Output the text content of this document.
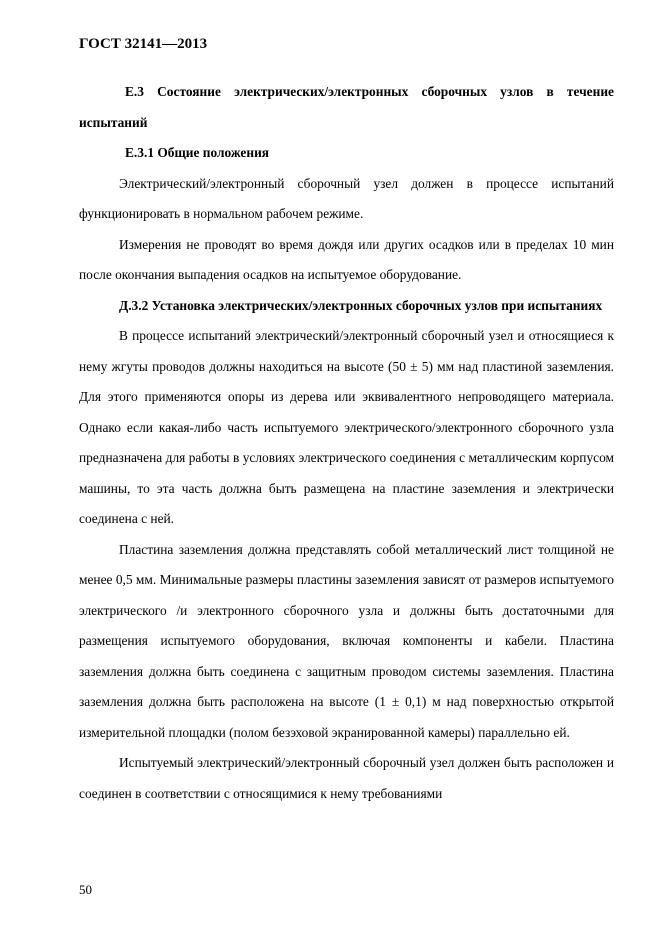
ГОСТ 32141—2013

Е.3 Состояние электрических/электронных сборочных узлов в течение испытаний

Е.3.1 Общие положения

Электрический/электронный сборочный узел должен в процессе испытаний функционировать в нормальном рабочем режиме.

Измерения не проводят во время дождя или других осадков или в пределах 10 мин после окончания выпадения осадков на испытуемое оборудование.

Д.3.2 Установка электрических/электронных сборочных узлов при испытаниях

В процессе испытаний электрический/электронный сборочный узел и относящиеся к нему жгуты проводов должны находиться на высоте (50 ± 5) мм над пластиной заземления. Для этого применяются опоры из дерева или эквивалентного непроводящего материала. Однако если какая-либо часть испытуемого электрического/электронного сборочного узла предназначена для работы в условиях электрического соединения с металлическим корпусом машины, то эта часть должна быть размещена на пластине заземления и электрически соединена с ней.

Пластина заземления должна представлять собой металлический лист толщиной не менее 0,5 мм. Минимальные размеры пластины заземления зависят от размеров испытуемого электрического /и электронного сборочного узла и должны быть достаточными для размещения испытуемого оборудования, включая компоненты и кабели. Пластина заземления должна быть соединена с защитным проводом системы заземления. Пластина заземления должна быть расположена на высоте (1 ± 0,1) м над поверхностью открытой измерительной площадки (полом безэховой экранированной камеры) параллельно ей.

Испытуемый электрический/электронный сборочный узел должен быть расположен и соединен в соответствии с относящимися к нему требованиями

50
